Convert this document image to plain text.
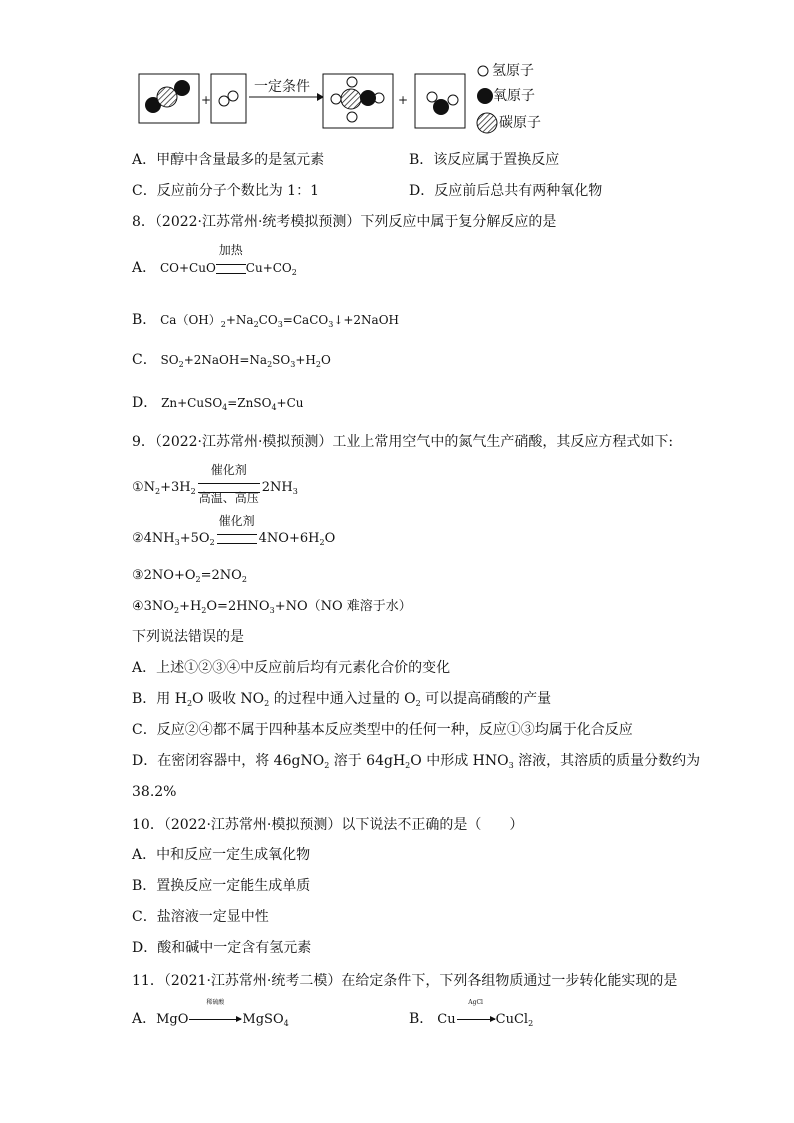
+	+
一定条件
氢原子
氧原子
碳原子
A．甲醇中含量最多的是氢元素	B．该反应属于置换反应
C．反应前分子个数比为 1：1	D．反应前后总共有两种氧化物
8．（2022·江苏常州·统考模拟预测）下列反应中属于复分解反应的是
A． CO+CuO
加热
$Cu+CO_2$
B． $Ca(OH)_2+Na_2CO_3=CaCO_3↓+2NaOH$
C． $SO_2+2NaOH=Na_2SO_3+H_2O$
D． Zn+CuSO$_4$=ZnSO$_4$+Cu
9．（2022·江苏常州·模拟预测）工业上常用空气中的氮气生产硝酸，其反应方程式如下:
$①N_2+3H_2$
催化剂
高温、高压
$2NH_3$
$②4NH_3+5O_2$
催化剂
$4NO+6H_2O$
$③2NO+O_2=2NO_2$
$④3NO_2+H_2O=2HNO_3+NO(NO$ 难溶于水）
下列说法错误的是
A．上述①②③④中反应前后均有元素化合价的变化
B．用 $H_2O$ 吸收 $NO_2$ 的过程中通入过量的 $O_2$ 可以提高硝酸的产量
C．反应②④都不属于四种基本反应类型中的任何一种，反应①③均属于化合反应
D．在密闭容器中，将 46gNO$_2$ 溶于 $64gH_2O$ 中形成 $HNO_3$ 溶液，其溶质的质量分数约为
38.2%
10．（2022·江苏常州·模拟预测）以下说法不正确的是（　　）
A．中和反应一定生成氧化物
B．置换反应一定能生成单质
C．盐溶液一定显中性
D．酸和碱中一定含有氢元素
11．（2021·江苏常州·统考二模）在给定条件下，下列各组物质通过一步转化能实现的是
A．MgO
稀硫酸
MgSO$_4$	B． Cu
AgCl
CuCl$_2$
